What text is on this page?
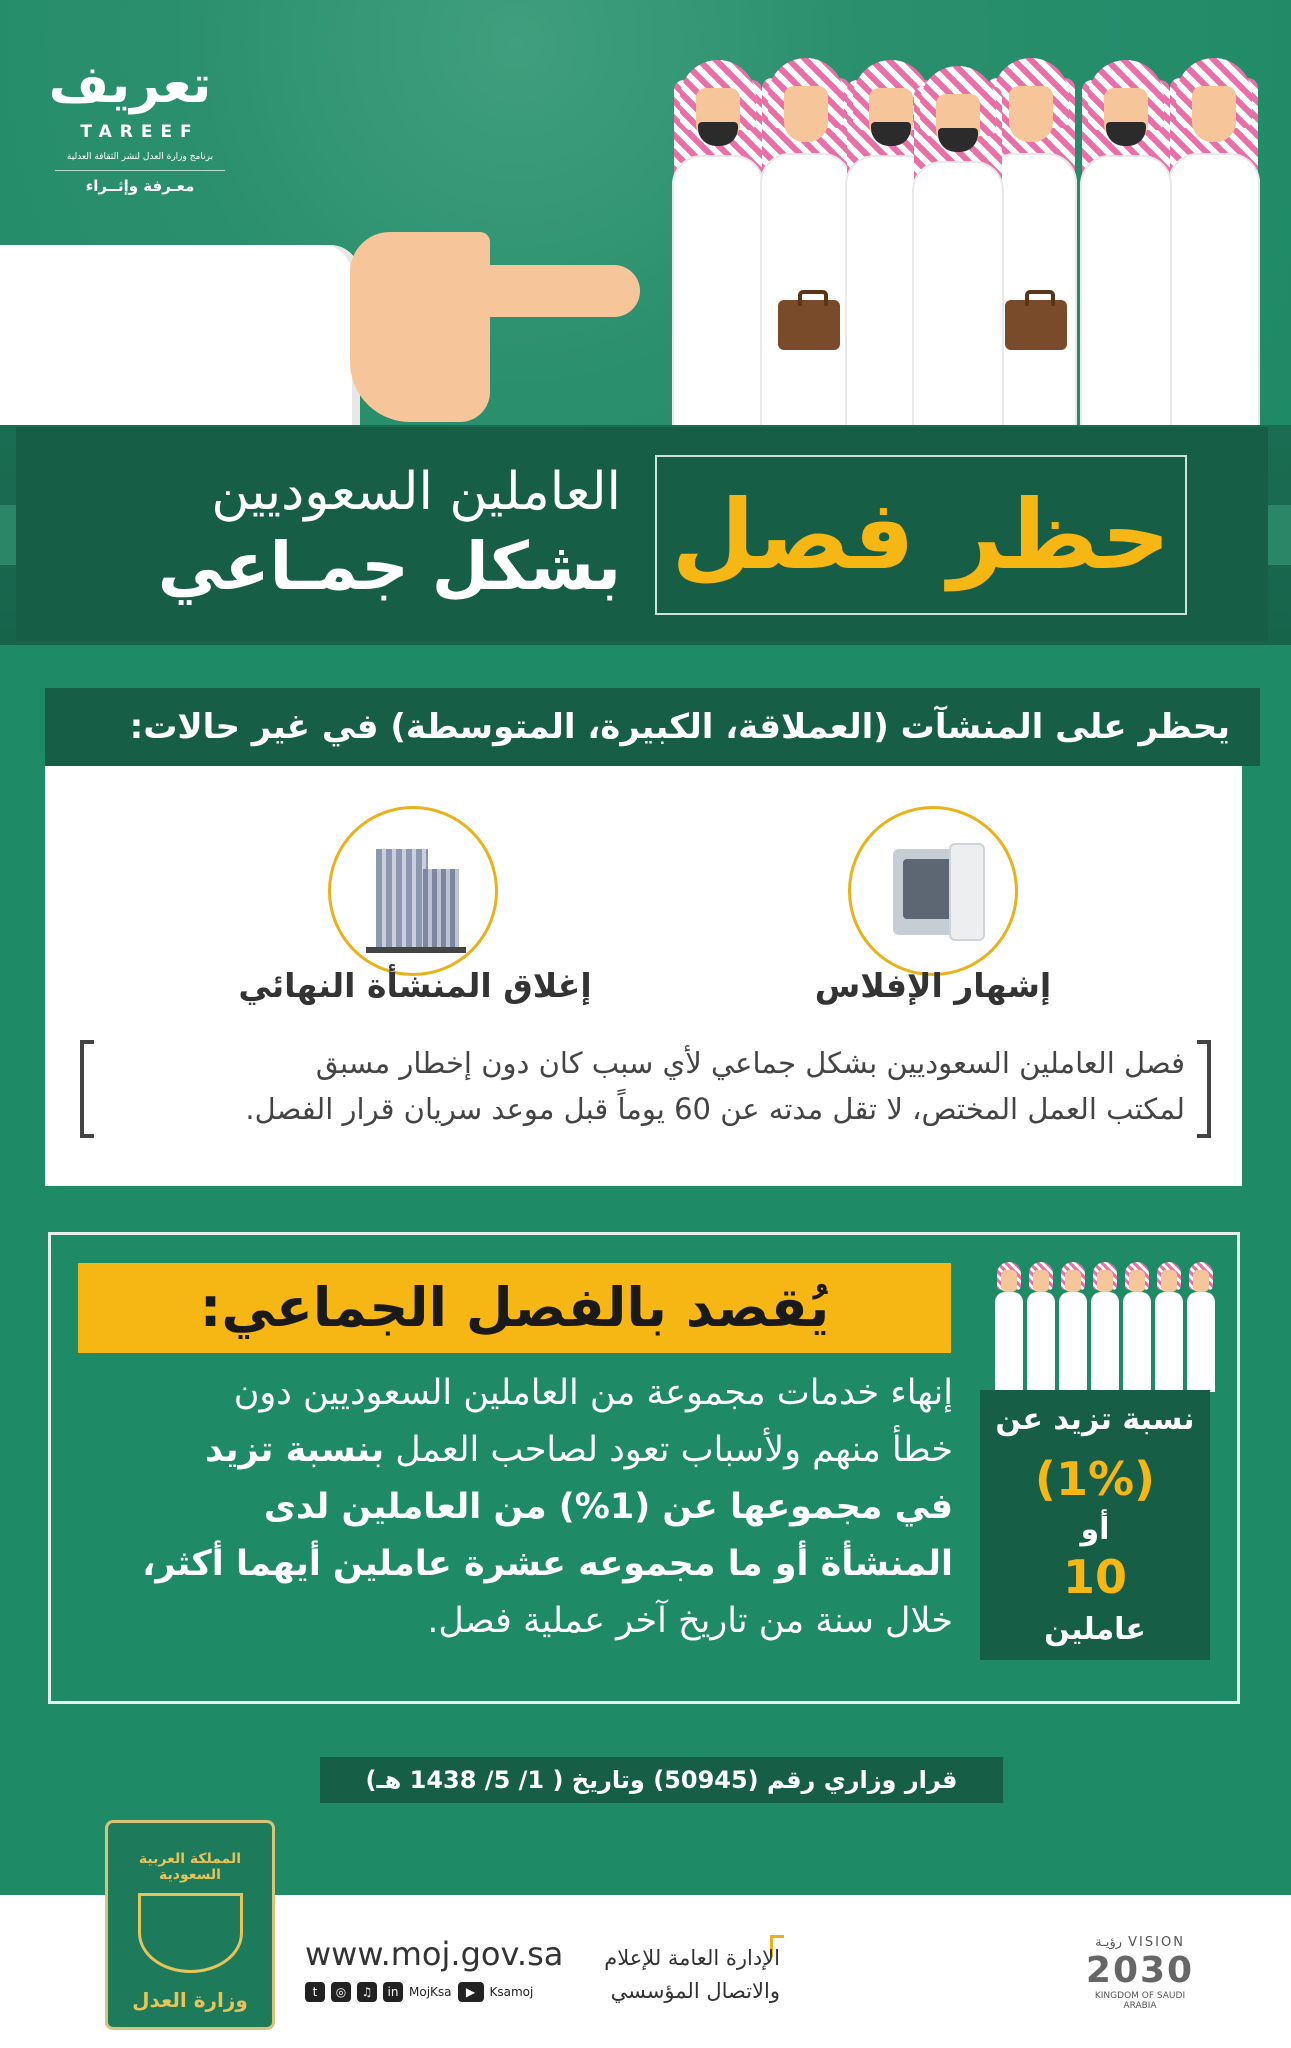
تعريف
TAREEF
برنامج وزارة العدل لنشر الثقافة العدلية
معـرفة وإثــراء
حظر فصل
العاملين السعوديين
بشكل جمـاعي
يحظر على المنشآت (العملاقة، الكبيرة، المتوسطة) في غير حالات:
إشهار الإفلاس
إغلاق المنشأة النهائي
فصل العاملين السعوديين بشكل جماعي لأي سبب كان دون إخطار مسبق
لمكتب العمل المختص، لا تقل مدته عن 60 يوماً قبل موعد سريان قرار الفصل.
يُقصد بالفصل الجماعي:
إنهاء خدمات مجموعة من العاملين السعوديين دون
خطأ منهم ولأسباب تعود لصاحب العمل بنسبة تزيد
في مجموعها عن (1%) من العاملين لدى
المنشأة أو ما مجموعه عشرة عاملين أيهما أكثر،
خلال سنة من تاريخ آخر عملية فصل.
نسبة تزيد عن
(1%)
أو
10
عاملين
قرار وزاري رقم (50945) وتاريخ ( 1/ 5/ 1438 هـ)
المملكة العربية السعودية
وزارة العدل
www.moj.gov.sa
t	◎	♫	in MojKsa	▶	Ksamoj
الإدارة العامة للإعلام
والاتصال المؤسسي
VISION رؤيـة
2030
KINGDOM OF SAUDI ARABIA
